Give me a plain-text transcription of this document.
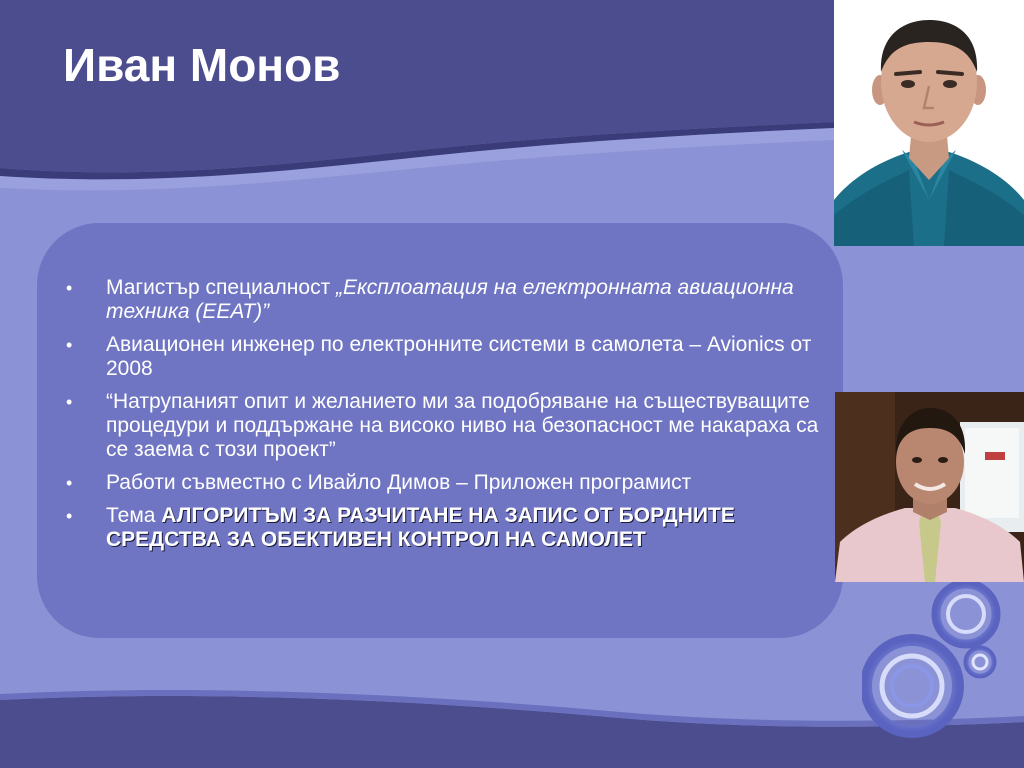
Иван Монов
• Магистър специалност „Експлоатация на електронната авиационна техника (ЕЕАТ)”
• Авиационен инженер по електронните системи в самолета – Avionics от 2008
• “Натрупаният опит и желанието ми за подобряване на съществуващите процедури и поддържане на високо ниво на безопасност ме накараха са се заема с този проект”
• Работи съвместно с Ивайло Димов – Приложен програмист
• Тема АЛГОРИТЪМ ЗА РАЗЧИТАНЕ НА ЗАПИС ОТ БОРДНИТЕ СРЕДСТВА ЗА ОБЕКТИВЕН КОНТРОЛ НА САМОЛЕТ
